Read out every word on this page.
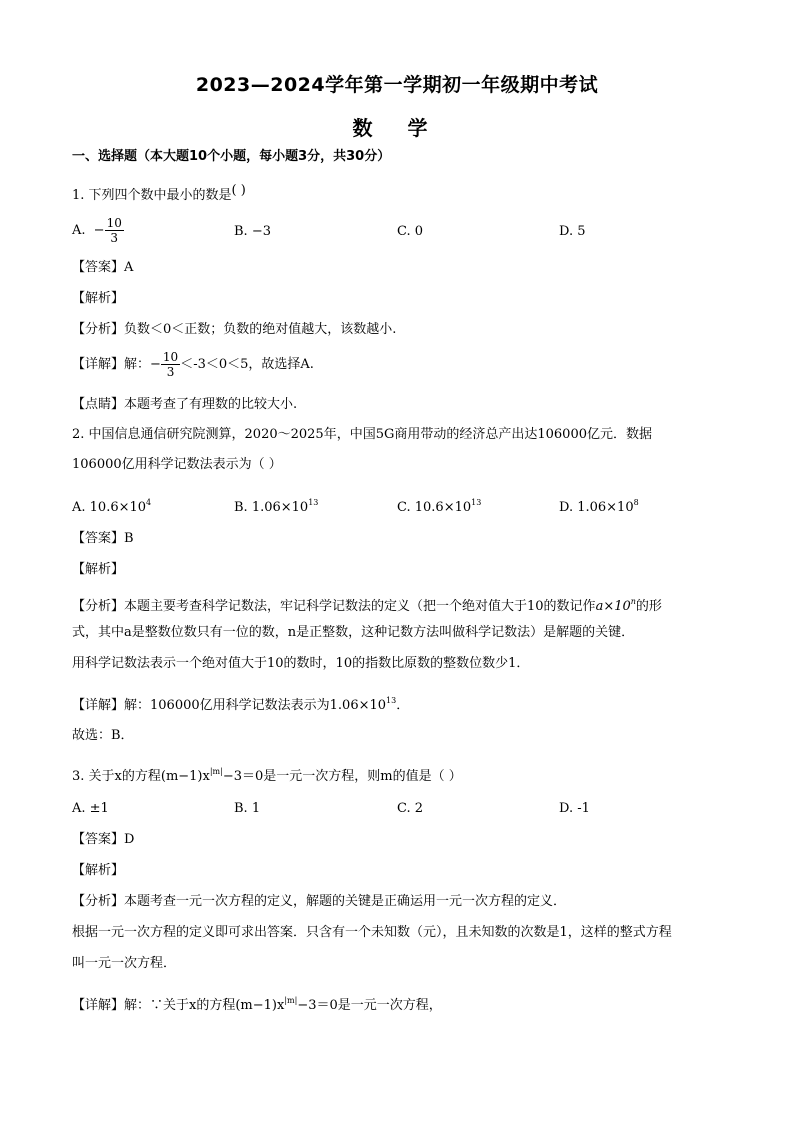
2023—2024学年第一学期初一年级期中考试
数 学
一、选择题（本大题10个小题，每小题3分，共30分）
1. 下列四个数中最小的数是( )
A. − $\frac{10}{3}$	B. −3	C. 0	D. 5
【答案】A
【解析】
【分析】负数＜0＜正数；负数的绝对值越大，该数越小.
【详解】解：− $\frac{10}{3} <-3<0<5$，故选择A.
【点睛】本题考查了有理数的比较大小.
2. 中国信息通信研究院测算，2020～2025年，中国5G商用带动的经济总产出达106000亿元．数据
106000亿用科学记数法表示为（ ）
A. $10.6\times 10^4$	B. $1.06\times 10^{13}$	C. $10.6\times 10^{13}$	D. $1.06\times 10^8$
【答案】B
【解析】
【分析】本题主要考查科学记数法，牢记科学记数法的定义（把一个绝对值大于10的数记作$a\times 10^n$的形
式，其中a是整数位数只有一位的数，n是正整数，这种记数方法叫做科学记数法）是解题的关键．
用科学记数法表示一个绝对值大于10的数时，10的指数比原数的整数位数少1．
【详解】解：106000亿用科学记数法表示为$1.06\times 10^{13}$．
故选：B．
3. 关于x的方程$(m-1)x^{|m|}-3=0$是一元一次方程，则m的值是（ ）
A. ±1	B. 1	C. 2	D. -1
【答案】D
【解析】
【分析】本题考查一元一次方程的定义，解题的关键是正确运用一元一次方程的定义．
根据一元一次方程的定义即可求出答案．只含有一个未知数（元），且未知数的次数是1，这样的整式方程
叫一元一次方程．
【详解】解：∵关于x的方程$(m-1)x^{|m|}-3=0$是一元一次方程，
